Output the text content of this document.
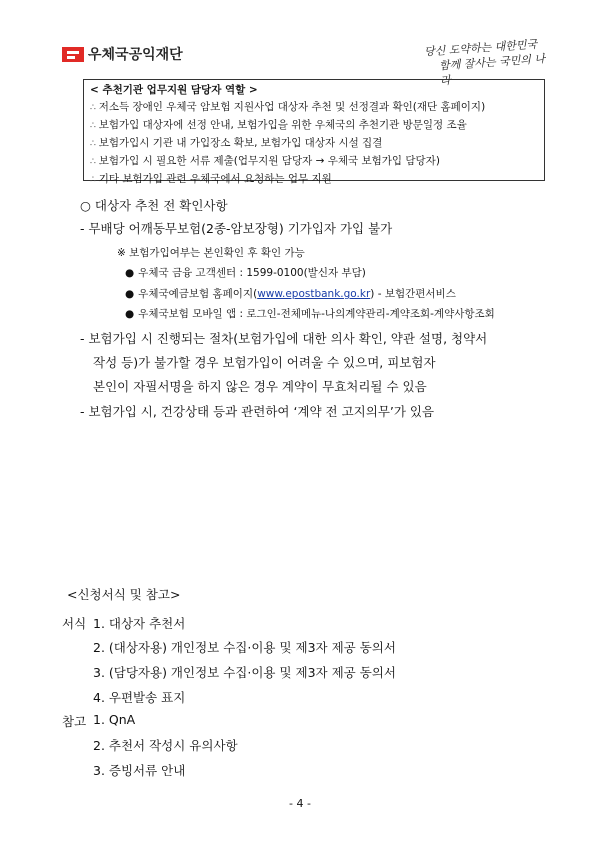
우체국공익재단	당신 도약하는 대한민국
함께 잘사는 국민의 나라
< 추천기관 업무지원 담당자 역할 >
∴ 저소득 장애인 우체국 암보험 지원사업 대상자 추천 및 선정결과 확인(재단 홈페이지)
∴ 보험가입 대상자에 선정 안내, 보험가입을 위한 우체국의 추천기관 방문일정 조율
∴ 보험가입시 기관 내 가입장소 확보, 보험가입 대상자 시설 집결
∴ 보험가입 시 필요한 서류 제출(업무지원 담당자 → 우체국 보험가입 담당자)
∴ 기타 보험가입 관련 우체국에서 요청하는 업무 지원
○ 대상자 추천 전 확인사항
- 무배당 어깨동무보험(2종-암보장형) 기가입자 가입 불가
※ 보험가입여부는 본인확인 후 확인 가능
● 우체국 금융 고객센터 : 1599-0100(발신자 부담)
● 우체국예금보험 홈페이지(www.epostbank.go.kr) - 보험간편서비스
● 우체국보험 모바일 앱 : 로그인-전체메뉴-나의계약관리-계약조회-계약사항조회
- 보험가입 시 진행되는 절차(보험가입에 대한 의사 확인, 약관 설명, 청약서
작성 등)가 불가할 경우 보험가입이 어려울 수 있으며, 피보험자
본인이 자필서명을 하지 않은 경우 계약이 무효처리될 수 있음
- 보험가입 시, 건강상태 등과 관련하여 ‘계약 전 고지의무’가 있음
<신청서식 및 참고>
서식 1. 대상자 추천서
2. (대상자용) 개인정보 수집·이용 및 제3자 제공 동의서
3. (담당자용) 개인정보 수집·이용 및 제3자 제공 동의서
4. 우편발송 표지
참고 1. QnA
2. 추천서 작성시 유의사항
3. 증빙서류 안내
- 4 -
